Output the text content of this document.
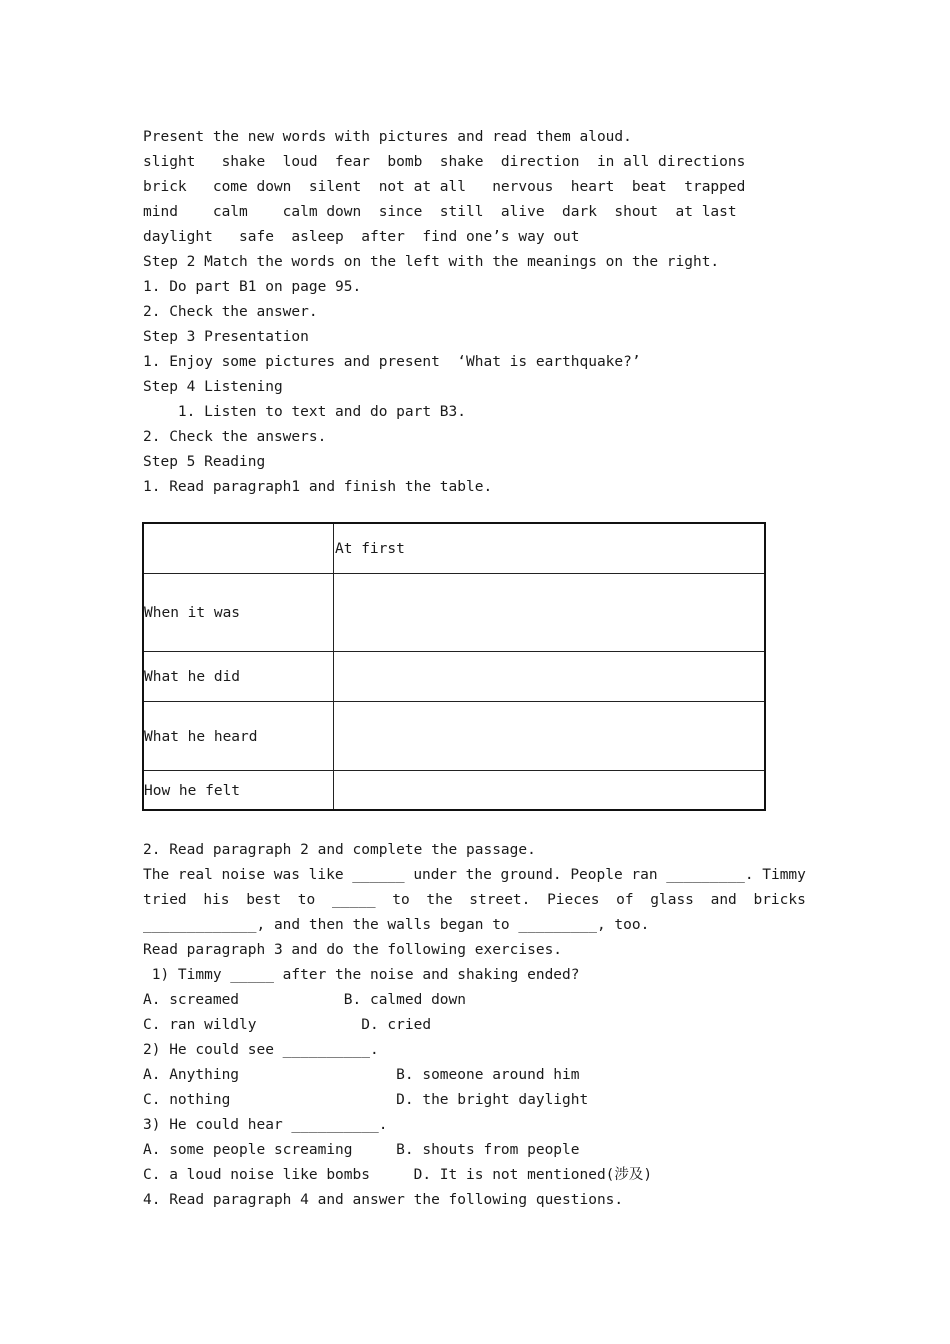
Present the new words with pictures and read them aloud.
slight   shake  loud  fear  bomb  shake  direction  in all directions
brick   come down  silent  not at all   nervous  heart  beat  trapped
mind    calm    calm down  since  still  alive  dark  shout  at last
daylight   safe  asleep  after  find one’s way out
Step 2 Match the words on the left with the meanings on the right.
1. Do part B1 on page 95.
2. Check the answer.
Step 3 Presentation
1. Enjoy some pictures and present  ‘What is earthquake?’
Step 4 Listening
1. Listen to text and do part B3.
2. Check the answers.
Step 5 Reading
1. Read paragraph1 and finish the table.
At first
When it was
What he did
What he heard
How he felt
2. Read paragraph 2 and complete the passage.
The real noise was like ______ under the ground. People ran _________. Timmy
tried his best to _____ to the street. Pieces of glass and bricks
_____________, and then the walls began to _________, too.
Read paragraph 3 and do the following exercises.
1) Timmy _____ after the noise and shaking ended?
A. screamed            B. calmed down
C. ran wildly            D. cried
2) He could see __________.
A. Anything                  B. someone around him
C. nothing                   D. the bright daylight
3) He could hear __________.
A. some people screaming     B. shouts from people
C. a loud noise like bombs     D. It is not mentioned(涉及)
4. Read paragraph 4 and answer the following questions.
